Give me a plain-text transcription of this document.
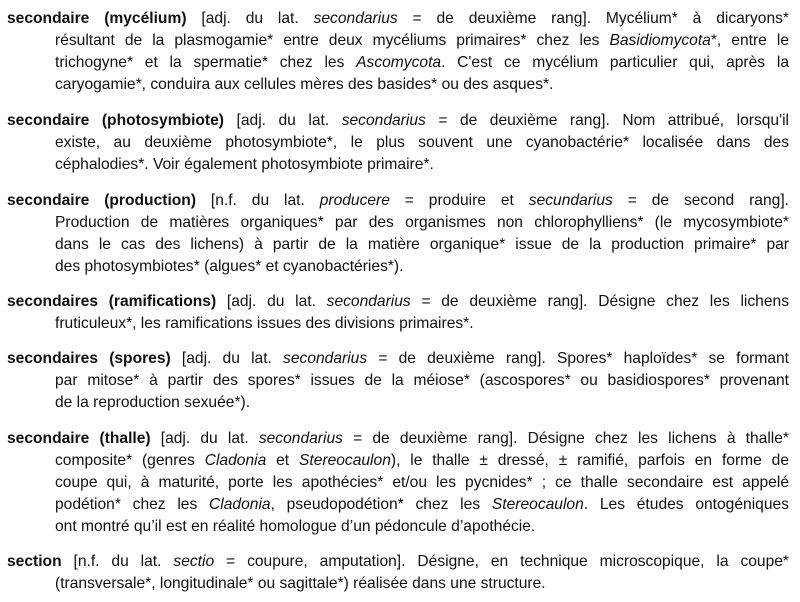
secondaire (mycélium) [adj. du lat. secondarius = de deuxième rang]. Mycélium* à dicaryons*
résultant de la plasmogamie* entre deux mycéliums primaires* chez les Basidiomycota*, entre le
trichogyne* et la spermatie* chez les Ascomycota. C'est ce mycélium particulier qui, après la
caryogamie*, conduira aux cellules mères des basides* ou des asques*.
secondaire (photosymbiote) [adj. du lat. secondarius = de deuxième rang]. Nom attribué, lorsqu'il
existe, au deuxième photosymbiote*, le plus souvent une cyanobactérie* localisée dans des
céphalodies*. Voir également photosymbiote primaire*.
secondaire (production) [n.f. du lat. producere = produire et secundarius = de second rang].
Production de matières organiques* par des organismes non chlorophylliens* (le mycosymbiote*
dans le cas des lichens) à partir de la matière organique* issue de la production primaire* par
des photosymbiotes* (algues* et cyanobactéries*).
secondaires (ramifications) [adj. du lat. secondarius = de deuxième rang]. Désigne chez les lichens
fruticuleux*, les ramifications issues des divisions primaires*.
secondaires (spores) [adj. du lat. secondarius = de deuxième rang]. Spores* haploïdes* se formant
par mitose* à partir des spores* issues de la méiose* (ascospores* ou basidiospores* provenant
de la reproduction sexuée*).
secondaire (thalle) [adj. du lat. secondarius = de deuxième rang]. Désigne chez les lichens à thalle*
composite* (genres Cladonia et Stereocaulon), le thalle ± dressé, ± ramifié, parfois en forme de
coupe qui, à maturité, porte les apothécies* et/ou les pycnides* ; ce thalle secondaire est appelé
podétion* chez les Cladonia, pseudopodétion* chez les Stereocaulon. Les études ontogéniques
ont montré qu’il est en réalité homologue d’un pédoncule d’apothécie.
section [n.f. du lat. sectio = coupure, amputation]. Désigne, en technique microscopique, la coupe*
(transversale*, longitudinale* ou sagittale*) réalisée dans une structure.
